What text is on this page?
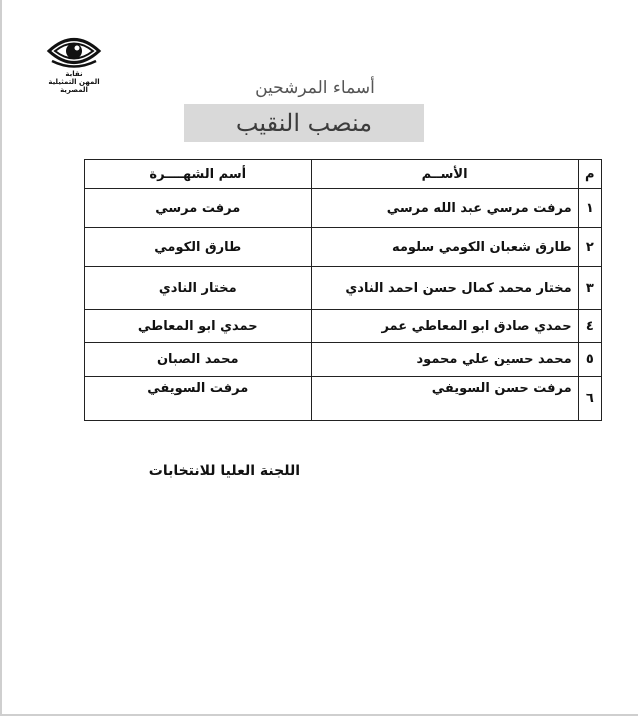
نقابة
المهن التمثيلية
المصرية	أسماء المرشحين
منصب النقيب
م	الأســم	أسم الشهــــرة
١	مرفت مرسي عبد الله مرسي	مرفت مرسي
٢	طارق شعبان الكومي سلومه	طارق الكومي
٣	مختار محمد كمال حسن احمد النادي	مختار النادي
٤	حمدي صادق ابو المعاطي عمر	حمدي ابو المعاطي
٥	محمد حسين علي محمود	محمد الصبان
٦	مرفت حسن السويفي	مرفت السويفي
اللجنة العليا للانتخابات
